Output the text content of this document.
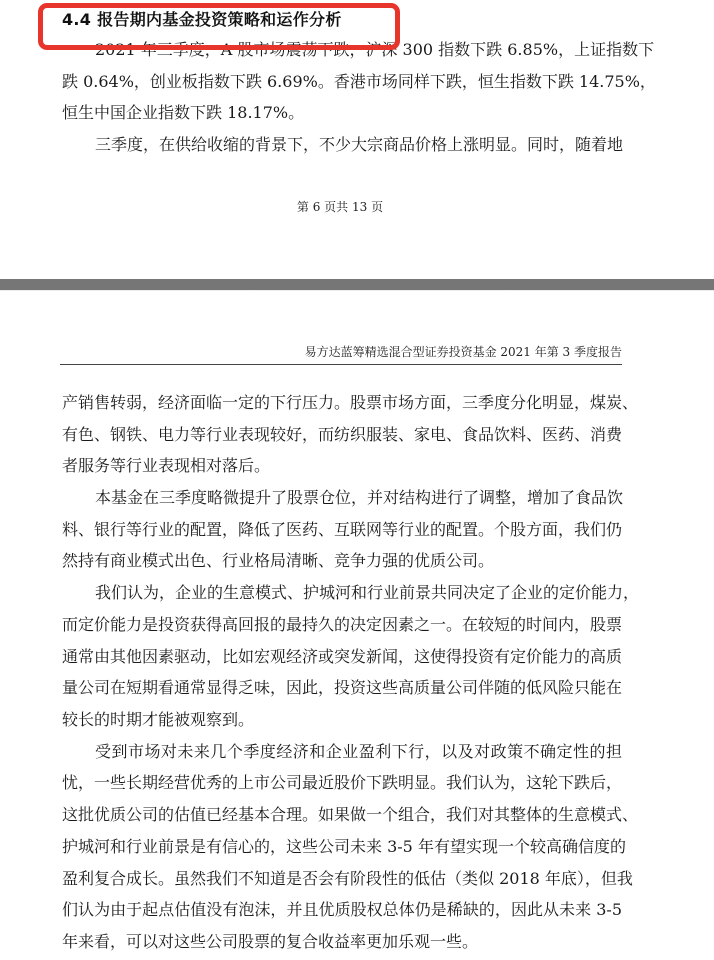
4.4 报告期内基金投资策略和运作分析
2021 年三季度，A 股市场震荡下跌，沪深 300 指数下跌 6.85%，上证指数下
跌 0.64%，创业板指数下跌 6.69%。香港市场同样下跌，恒生指数下跌 14.75%，
恒生中国企业指数下跌 18.17%。
三季度，在供给收缩的背景下，不少大宗商品价格上涨明显。同时，随着地
第 6 页共 13 页
易方达蓝筹精选混合型证券投资基金 2021 年第 3 季度报告
产销售转弱，经济面临一定的下行压力。股票市场方面，三季度分化明显，煤炭、
有色、钢铁、电力等行业表现较好，而纺织服装、家电、食品饮料、医药、消费
者服务等行业表现相对落后。
本基金在三季度略微提升了股票仓位，并对结构进行了调整，增加了食品饮
料、银行等行业的配置，降低了医药、互联网等行业的配置。个股方面，我们仍
然持有商业模式出色、行业格局清晰、竞争力强的优质公司。
我们认为，企业的生意模式、护城河和行业前景共同决定了企业的定价能力，
而定价能力是投资获得高回报的最持久的决定因素之一。在较短的时间内，股票
通常由其他因素驱动，比如宏观经济或突发新闻，这使得投资有定价能力的高质
量公司在短期看通常显得乏味，因此，投资这些高质量公司伴随的低风险只能在
较长的时期才能被观察到。
受到市场对未来几个季度经济和企业盈利下行，以及对政策不确定性的担
忧，一些长期经营优秀的上市公司最近股价下跌明显。我们认为，这轮下跌后，
这批优质公司的估值已经基本合理。如果做一个组合，我们对其整体的生意模式、
护城河和行业前景是有信心的，这些公司未来 3-5 年有望实现一个较高确信度的
盈利复合成长。虽然我们不知道是否会有阶段性的低估（类似 2018 年底），但我
们认为由于起点估值没有泡沫，并且优质股权总体仍是稀缺的，因此从未来 3-5
年来看，可以对这些公司股票的复合收益率更加乐观一些。
